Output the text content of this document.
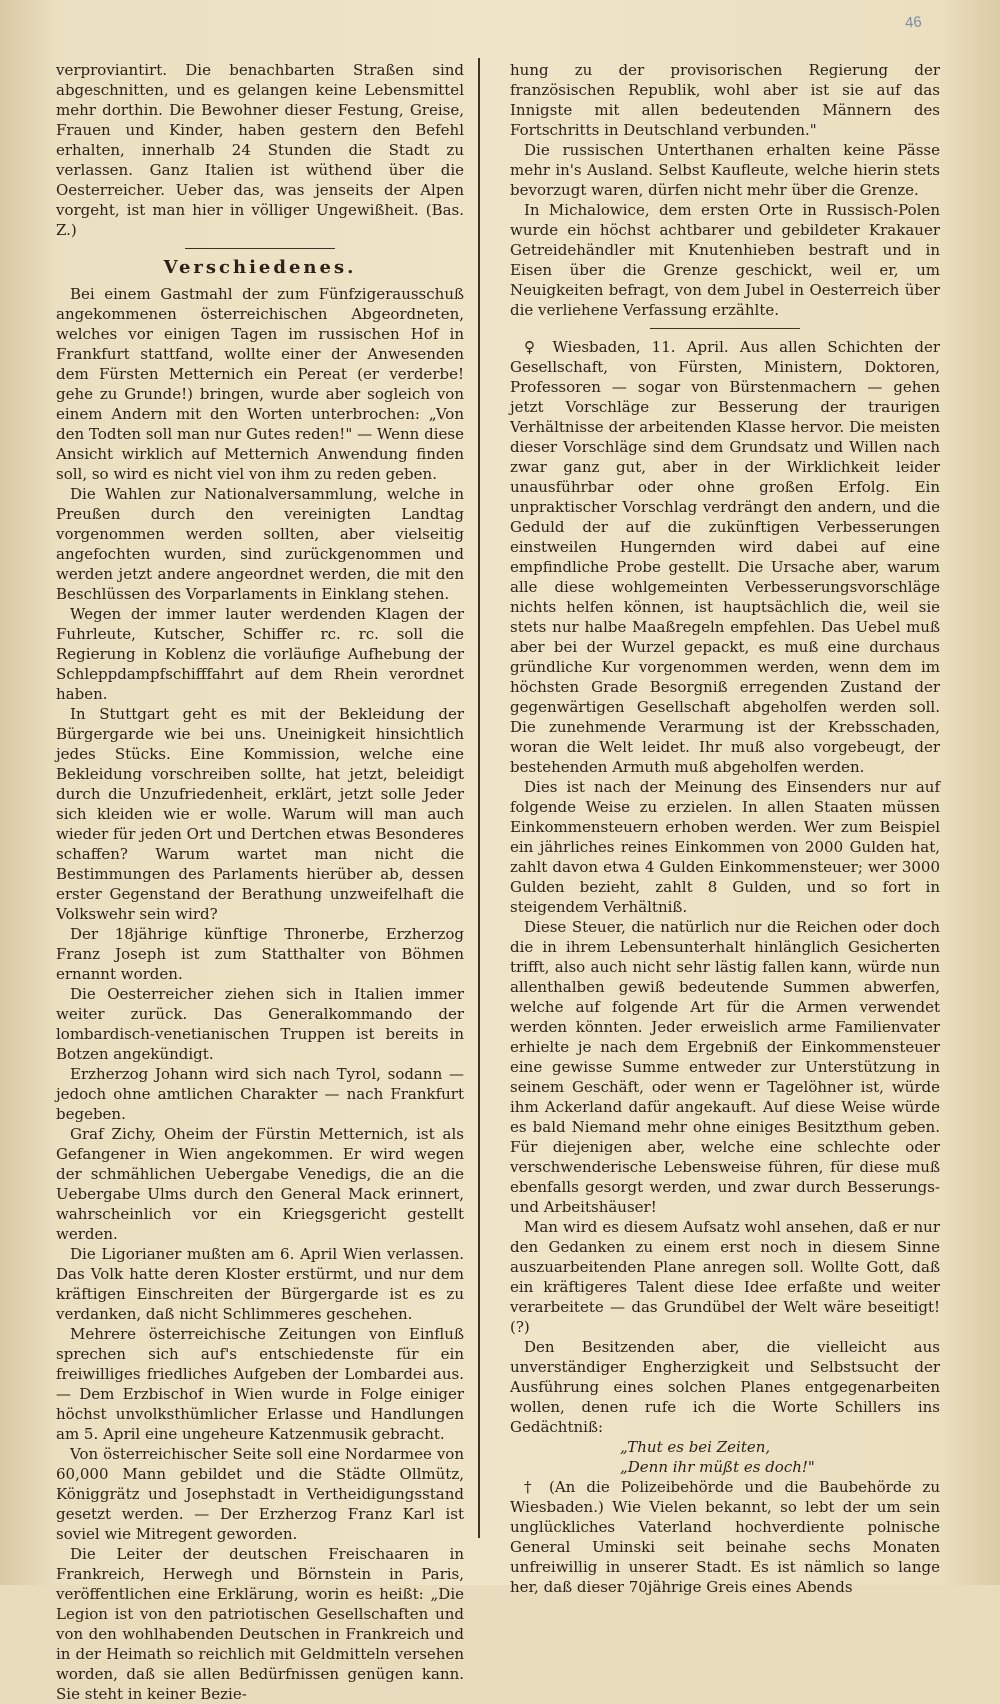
46

verproviantirt. Die benachbarten Straßen sind abgeschnitten, und es gelangen keine Lebensmittel mehr dorthin. Die Bewohner dieser Festung, Greise, Frauen und Kinder, haben gestern den Befehl erhalten, innerhalb 24 Stunden die Stadt zu verlassen. Ganz Italien ist wüthend über die Oesterreicher. Ueber das, was jenseits der Alpen vorgeht, ist man hier in völliger Ungewißheit. (Bas. Z.)

Verschiedenes.

Bei einem Gastmahl der zum Fünfzigerausschuß angekommenen österreichischen Abgeordneten, welches vor einigen Tagen im russischen Hof in Frankfurt stattfand, wollte einer der Anwesenden dem Fürsten Metternich ein Pereat (er verderbe! gehe zu Grunde!) bringen, wurde aber sogleich von einem Andern mit den Worten unterbrochen: „Von den Todten soll man nur Gutes reden!" — Wenn diese Ansicht wirklich auf Metternich Anwendung finden soll, so wird es nicht viel von ihm zu reden geben.

Die Wahlen zur Nationalversammlung, welche in Preußen durch den vereinigten Landtag vorgenommen werden sollten, aber vielseitig angefochten wurden, sind zurückgenommen und werden jetzt andere angeordnet werden, die mit den Beschlüssen des Vorparlaments in Einklang stehen.

Wegen der immer lauter werdenden Klagen der Fuhrleute, Kutscher, Schiffer rc. rc. soll die Regierung in Koblenz die vorläufige Aufhebung der Schleppdampfschifffahrt auf dem Rhein verordnet haben.

In Stuttgart geht es mit der Bekleidung der Bürgergarde wie bei uns. Uneinigkeit hinsichtlich jedes Stücks. Eine Kommission, welche eine Bekleidung vorschreiben sollte, hat jetzt, beleidigt durch die Unzufriedenheit, erklärt, jetzt solle Jeder sich kleiden wie er wolle. Warum will man auch wieder für jeden Ort und Dertchen etwas Besonderes schaffen? Warum wartet man nicht die Bestimmungen des Parlaments hierüber ab, dessen erster Gegenstand der Berathung unzweifelhaft die Volkswehr sein wird?

Der 18jährige künftige Thronerbe, Erzherzog Franz Joseph ist zum Statthalter von Böhmen ernannt worden.

Die Oesterreicher ziehen sich in Italien immer weiter zurück. Das Generalkommando der lombardisch-venetianischen Truppen ist bereits in Botzen angekündigt.

Erzherzog Johann wird sich nach Tyrol, sodann — jedoch ohne amtlichen Charakter — nach Frankfurt begeben.

Graf Zichy, Oheim der Fürstin Metternich, ist als Gefangener in Wien angekommen. Er wird wegen der schmählichen Uebergabe Venedigs, die an die Uebergabe Ulms durch den General Mack erinnert, wahrscheinlich vor ein Kriegsgericht gestellt werden.

Die Ligorianer mußten am 6. April Wien verlassen. Das Volk hatte deren Kloster erstürmt, und nur dem kräftigen Einschreiten der Bürgergarde ist es zu verdanken, daß nicht Schlimmeres geschehen.

Mehrere österreichische Zeitungen von Einfluß sprechen sich auf's entschiedenste für ein freiwilliges friedliches Aufgeben der Lombardei aus. — Dem Erzbischof in Wien wurde in Folge einiger höchst unvolksthümlicher Erlasse und Handlungen am 5. April eine ungeheure Katzenmusik gebracht.

Von österreichischer Seite soll eine Nordarmee von 60,000 Mann gebildet und die Städte Ollmütz, Königgrätz und Josephstadt in Vertheidigungsstand gesetzt werden. — Der Erzherzog Franz Karl ist soviel wie Mitregent geworden.

Die Leiter der deutschen Freischaaren in Frankreich, Herwegh und Börnstein in Paris, veröffentlichen eine Erklärung, worin es heißt: „Die Legion ist von den patriotischen Gesellschaften und von den wohlhabenden Deutschen in Frankreich und in der Heimath so reichlich mit Geldmitteln versehen worden, daß sie allen Bedürfnissen genügen kann. Sie steht in keiner Bezie-

hung zu der provisorischen Regierung der französischen Republik, wohl aber ist sie auf das Innigste mit allen bedeutenden Männern des Fortschritts in Deutschland verbunden."

Die russischen Unterthanen erhalten keine Pässe mehr in's Ausland. Selbst Kaufleute, welche hierin stets bevorzugt waren, dürfen nicht mehr über die Grenze.

In Michalowice, dem ersten Orte in Russisch-Polen wurde ein höchst achtbarer und gebildeter Krakauer Getreidehändler mit Knutenhieben bestraft und in Eisen über die Grenze geschickt, weil er, um Neuigkeiten befragt, von dem Jubel in Oesterreich über die verliehene Verfassung erzählte.

♀ Wiesbaden, 11. April. Aus allen Schichten der Gesellschaft, von Fürsten, Ministern, Doktoren, Professoren — sogar von Bürstenmachern — gehen jetzt Vorschläge zur Besserung der traurigen Verhältnisse der arbeitenden Klasse hervor. Die meisten dieser Vorschläge sind dem Grundsatz und Willen nach zwar ganz gut, aber in der Wirklichkeit leider unausführbar oder ohne großen Erfolg. Ein unpraktischer Vorschlag verdrängt den andern, und die Geduld der auf die zukünftigen Verbesserungen einstweilen Hungernden wird dabei auf eine empfindliche Probe gestellt. Die Ursache aber, warum alle diese wohlgemeinten Verbesserungsvorschläge nichts helfen können, ist hauptsächlich die, weil sie stets nur halbe Maaßregeln empfehlen. Das Uebel muß aber bei der Wurzel gepackt, es muß eine durchaus gründliche Kur vorgenommen werden, wenn dem im höchsten Grade Besorgniß erregenden Zustand der gegenwärtigen Gesellschaft abgeholfen werden soll. Die zunehmende Verarmung ist der Krebsschaden, woran die Welt leidet. Ihr muß also vorgebeugt, der bestehenden Armuth muß abgeholfen werden.

Dies ist nach der Meinung des Einsenders nur auf folgende Weise zu erzielen. In allen Staaten müssen Einkommensteuern erhoben werden. Wer zum Beispiel ein jährliches reines Einkommen von 2000 Gulden hat, zahlt davon etwa 4 Gulden Einkommensteuer; wer 3000 Gulden bezieht, zahlt 8 Gulden, und so fort in steigendem Verhältniß.

Diese Steuer, die natürlich nur die Reichen oder doch die in ihrem Lebensunterhalt hinlänglich Gesicherten trifft, also auch nicht sehr lästig fallen kann, würde nun allenthalben gewiß bedeutende Summen abwerfen, welche auf folgende Art für die Armen verwendet werden könnten. Jeder erweislich arme Familienvater erhielte je nach dem Ergebniß der Einkommensteuer eine gewisse Summe entweder zur Unterstützung in seinem Geschäft, oder wenn er Tagelöhner ist, würde ihm Ackerland dafür angekauft. Auf diese Weise würde es bald Niemand mehr ohne einiges Besitzthum geben. Für diejenigen aber, welche eine schlechte oder verschwenderische Lebensweise führen, für diese muß ebenfalls gesorgt werden, und zwar durch Besserungs- und Arbeitshäuser!

Man wird es diesem Aufsatz wohl ansehen, daß er nur den Gedanken zu einem erst noch in diesem Sinne auszuarbeitenden Plane anregen soll. Wollte Gott, daß ein kräftigeres Talent diese Idee erfaßte und weiter verarbeitete — das Grundübel der Welt wäre beseitigt! (?)

Den Besitzenden aber, die vielleicht aus unverständiger Engherzigkeit und Selbstsucht der Ausführung eines solchen Planes entgegenarbeiten wollen, denen rufe ich die Worte Schillers ins Gedächtniß:

„Thut es bei Zeiten,

„Denn ihr müßt es doch!"

† (An die Polizeibehörde und die Baubehörde zu Wiesbaden.) Wie Vielen bekannt, so lebt der um sein unglückliches Vaterland hochverdiente polnische General Uminski seit beinahe sechs Monaten unfreiwillig in unserer Stadt. Es ist nämlich so lange her, daß dieser 70jährige Greis eines Abends
